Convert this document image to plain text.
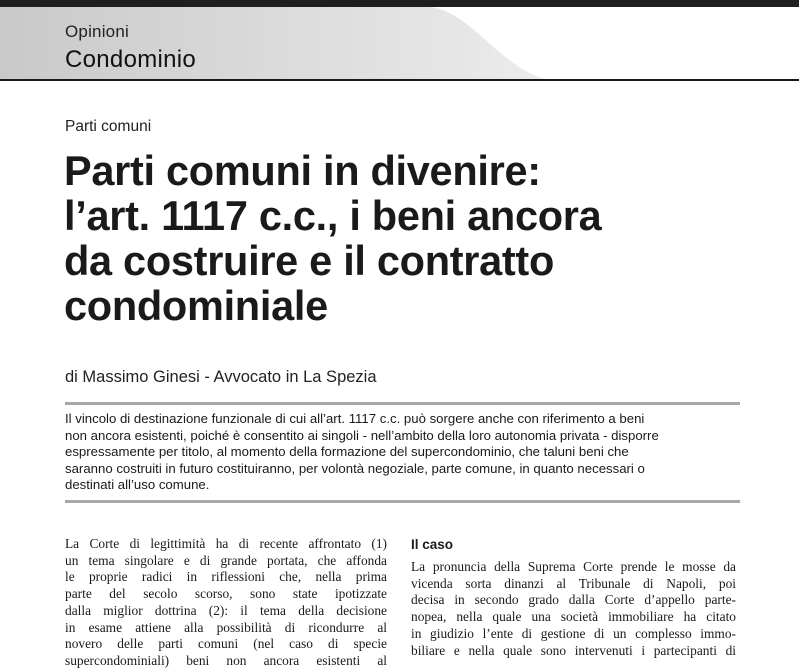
Opinioni
Condominio
Parti comuni
Parti comuni in divenire:
l’art. 1117 c.c., i beni ancora
da costruire e il contratto
condominiale
di Massimo Ginesi - Avvocato in La Spezia
Il vincolo di destinazione funzionale di cui all’art. 1117 c.c. può sorgere anche con riferimento a beni
non ancora esistenti, poiché è consentito ai singoli - nell’ambito della loro autonomia privata - disporre
espressamente per titolo, al momento della formazione del supercondominio, che taluni beni che
saranno costruiti in futuro costituiranno, per volontà negoziale, parte comune, in quanto necessari o
destinati all’uso comune.
La Corte di legittimità ha di recente affrontato (1)
un tema singolare e di grande portata, che affonda
le proprie radici in riflessioni che, nella prima
parte del secolo scorso, sono state ipotizzate
dalla miglior dottrina (2): il tema della decisione
in esame attiene alla possibilità di ricondurre al
novero delle parti comuni (nel caso di specie
supercondominiali) beni non ancora esistenti al
Il caso
La pronuncia della Suprema Corte prende le mosse da
vicenda sorta dinanzi al Tribunale di Napoli, poi
decisa in secondo grado dalla Corte d’appello parte-
nopea, nella quale una società immobiliare ha citato
in giudizio l’ente di gestione di un complesso immo-
biliare e nella quale sono intervenuti i partecipanti di
